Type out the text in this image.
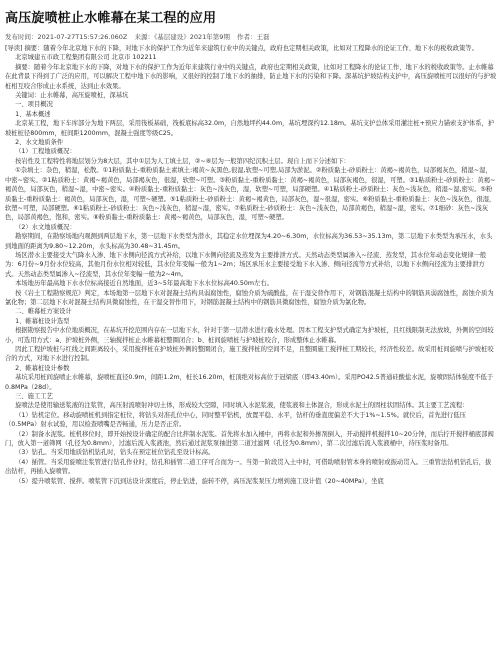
高压旋喷桩止水帷幕在某工程的应用
发布时间：2021-07-27T15:57:26.060Z 来源：《基层建设》2021年第9期 作者：王磊

[导读] 摘要：随着今年北京地下水的下降，对地下水的保护工作为近年来建筑行业中的关键点，政府也定期相关政策，比如对工程降水的论证工作、地下水的税收政策等。

北京城建五市政工程集团有限公司 北京市 102211

摘要：随着今年北京地下水的下降，对地下水的保护工作为近年来建筑行业中的关键点，政府也定期相关政策，比如对工程降水的论证工作、地下水的税收政策等。止水帷幕在此背景下得到了广泛的应用，可以解决工程中地下水的影响，又很好的控制了地下水的抽排，防止地下水的污染和下降。深基坑护坡结构支护中，高压旋喷桩可以很好的与护坡桩相互咬合形成止水系统，达到止水效果。

关键词：止水帷幕，高压旋喷桩，深基坑

一、项目概况

1、基本概述

北京某工程，地下车库部分为地下两层，采用筏板基础，筏板底标高32.0m，自然地坪约44.0m，基坑埋深约12.18m。基坑支护总体采用灌注桩+预应力锚索支护体系，护坡桩桩径800mm，桩间距1200mm，混凝土强度等级C25。

2、水文地质条件

（1）工程地质概况：

按岩性及工程特性将地层划分为8大层，其中①层为人工填土层，②~⑧层为一般第四纪沉积土层。现自上而下分述如下：

①杂填土：杂色，稍湿，松散。①1粉质黏土-重粉质黏土素填土:褐黄~灰黑色,很湿,软塑~可塑,局部为淤泥。②粉质黏土-砂质粉土：黄褐~褐黄色，局部褐灰色，稍湿~湿，中密~密实。②1粘质粉土：黄褐~褐黄色，局部褐灰色，很湿，软塑~可塑。③粉质黏土-重粉质黏土：黄褐~褐黄色，局部灰褐色，很湿，可塑。③1粘质粉土-砂质粉土：黄褐~褐黄色，局部灰色，稍湿~湿，中密~密实。④粉质黏土-重粉质黏土：灰色~浅灰色，湿，软塑~可塑，局部硬塑。④1粘质粉土-砂质粉土：灰色~浅灰色，稍湿~湿,密实。⑤粉质黏土-重粉质黏土：褐黄色，局部灰色，湿，可塑~硬塑。⑤1粘质粉土-砂质粉土：黄褐~褐黄色，局部灰色，湿~很湿，密实。⑥粉质黏土-重粉质黏土：灰色~浅灰色，很湿，软塑~可塑，局部硬塑。⑥1粘质粉土-砂质粉土：灰色~浅灰色，稍湿~湿，密实。⑦粘质粉土-砂质粉土：灰色~浅灰色，局部黄褐色，稍湿~湿，密实。⑦1细砂：灰色~浅灰色，局部黄褐色，饱和，密实。⑧粉质黏土-重粉质黏土：黄褐~褐黄色，局部灰色，湿，可塑~硬塑。

（2）水文地质概况：

勘察期间，在勘察场地内观测到两层地下水，第一层地下水类型为潜水，其稳定水位埋深为4.20~6.30m，水位标高为36.53~35.13m，第二层地下水类型为承压水，水头到地面的距离为9.80~12.20m，水头标高为30.48~31.45m。

场区潜水主要接受大气降水入渗、地下水侧向径流方式补给，以地下水侧向径流及蒸发为主要排泄方式。天然动态类型属渗入~径流、蒸发型，其水位年动态变化规律一般为：6月份~9月份水位较高，其他月份水位相对较低，其水位年变幅一般为1~2m；场区承压水主要接受地下水入渗、侧向径流等方式补给，以地下水侧向径流为主要排泄方式。天然动态类型属渗入~径流型，其水位年变幅一般为2~4m。

本场地历年最高地下水水位标高接近自然地面，近3~5年最高地下水水位标高40.50m左右。

按《岩土工程勘察规范》判定，本场地第一层地下水对混凝土结构具弱腐蚀性，腐蚀介质为硫酸盐，在干湿交替作用下，对钢筋混凝土结构中的钢筋具弱腐蚀性，腐蚀介质为氯化物；第二层地下水对混凝土结构具微腐蚀性，在干湿交替作用下，对钢筋混凝土结构中的钢筋具微腐蚀性，腐蚀介质为氯化物。

二、帷幕桩方案设计

1、帷幕桩设计选型

根据勘察报告中水位地质概况，在基坑开挖范围内存在一层地下水，针对于第一层潜水进行截水处理。因本工程支护型式确定为护坡桩，且红线限制无法放坡，外侧的空间较小，可选用方式：a、护坡桩外侧，三轴搅拌桩止水帷幕桩整圈闭合；b、桩间旋喷桩与护坡桩咬合，形成整体止水帷幕。

因此工程护坡桩与红线之间距离较小，采用搅拌桩在护坡桩外侧的整圈闭合，施工搅拌桩的空间不足，且整圈施工搅拌桩工期较长，经济性较差。故采用桩间旋喷与护坡桩咬合的方式，对地下水进行控制。

2、帷幕桩设计参数

基坑采用桩间旋喷止水帷幕，旋喷桩直径0.9m，间距1.2m，桩长16.20m，桩顶绝对标高位于冠梁底（即43.40m）。采用PO42.5普通硅酸盐水泥，旋喷固结体强度不低于0.8MPa（28d）。

三、施工工艺

旋喷法是使用输送浆液的注浆管，高压射流喷射冲切土体，形成较大空隙，同时填入水泥浆液，使浆液和土体混合，形成水泥土的固柱状固结体。其主要工艺流程：

（1）钻机定位。移动旋喷桩机到指定桩位，将钻头对准孔位中心，同时整平钻机，放置平稳、水平，钻杆的垂直度偏差不大于1%~1.5%。就位后，首先进行低压（0.5MPa）射水试验，用以检查喷嘴是否畅通，压力是否正常。

（2）制备水泥浆。桩机移位时，即开始按设计确定的配合比拌制水泥浆。首先将水加入桶中，再将水泥和外掺剂倒入，开动搅拌机搅拌10~20分钟，而后拧开搅拌桶底部阀门，放入第一道筛网（孔径为0.8mm），过滤后流入浆液池，然后通过泥浆泵抽进第二道过滤网（孔径为0.8mm），第二次过滤后流入浆液桶中，待压浆时备用。

（3）钻孔。当采用地质钻机钻孔时，钻头在预定桩位钻孔至设计标高。

（4）插管。当采用旋喷注浆管进行钻孔作业时，钻孔和插管二道工序可合而为一。当第一阶段贯入土中时，可借助喷射管本身的喷射或振动贯入。三重管法钻机钻孔后，拔出钻杆，再插入旋喷管。

（5）提升喷浆管、搅拌。喷浆管下沉到达设计深度后，停止钻进，旋转不停，高压泥浆泵压力增到施工设计值（20~40MPa），坐底
